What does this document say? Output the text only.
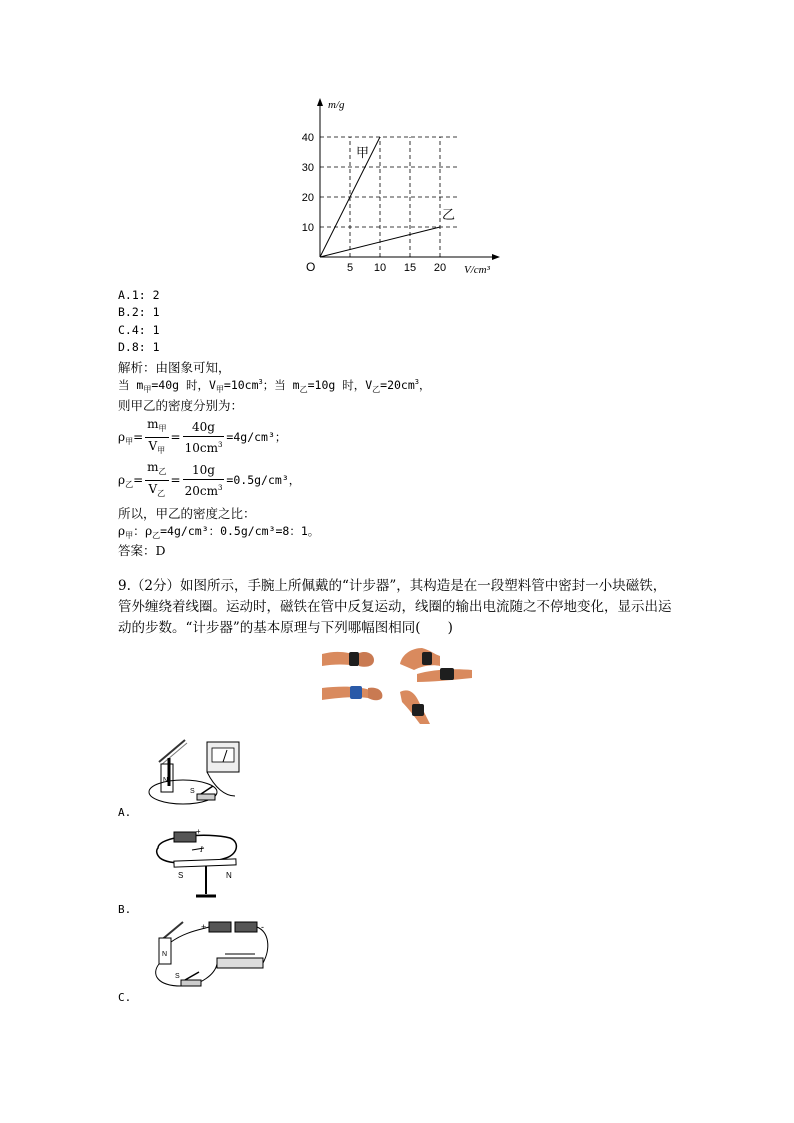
5 10 15 20
10
20
30
40
甲
乙
O
m/g
V/cm³
A.1: 2
B.2: 1
C.4: 1
D.8: 1
解析：由图象可知，
当 $m_甲=40g$ 时，$V_甲=10cm^3$；当 $m_乙=10g$ 时，$V_乙=20cm^3$，
则甲乙的密度分别为：
$\rho_甲= \frac{m_甲}{V_甲} = \frac{40g}{10cm^3} =4g/cm^3$；
$\rho_乙= \frac{m_乙}{V_乙} = \frac{10g}{20cm^3} =0.5g/cm^3$，
所以，甲乙的密度之比：
$\rho_甲$：$\rho_乙=4g$/cm³：0.5g/cm³=8：1。
答案：D
9.（2分）如图所示，手腕上所佩戴的“计步器”，其构造是在一段塑料管中密封一小块磁铁，管外缠绕着线圈。运动时，磁铁在管中反复运动，线圈的输出电流随之不停地变化，显示出运动的步数。“计步器”的基本原理与下列哪幅图相同(　　)
N
S
A.
+
I
S	N
B.
N
+	-
S
C.
